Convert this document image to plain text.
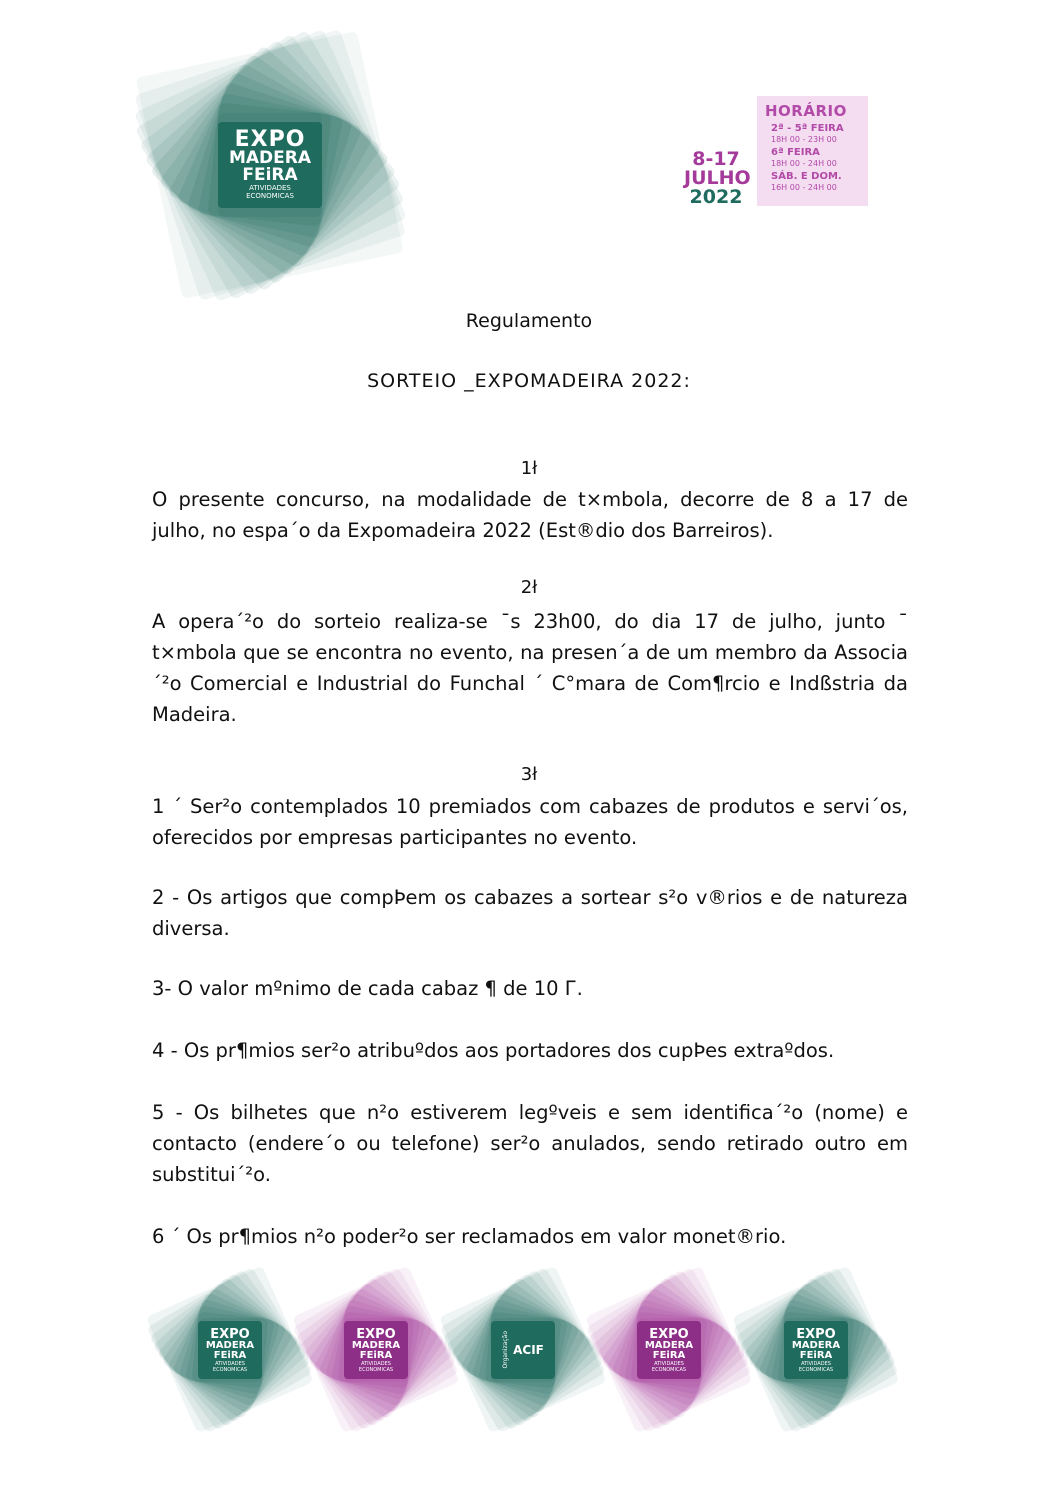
EXPO
MADERA
FEiRA
ATIVIDADES
ECONOMICAS
8-17
JULHO
2022
HORÁRIO
2ª - 5ª FEIRA
18H 00 - 23H 00
6ª FEIRA
18H 00 - 24H 00
SÁB. E DOM.
16H 00 - 24H 00
Regulamento
SORTEIO _EXPOMADEIRA 2022:
1ł

O presente concurso, na modalidade de t×mbola, decorre de 8 a 17 de julho, no espa´o da Expomadeira 2022 (Est®dio dos Barreiros).

2ł

A opera´²o do sorteio realiza-se ¯s 23h00, do dia 17 de julho, junto ¯ t×mbola que se encontra no evento, na presen´a de um membro da Associa´²o Comercial e Industrial do Funchal ´ C°mara de Com¶rcio e Indßstria da Madeira.

3ł

1 ´ Ser²o contemplados 10 premiados com cabazes de produtos e servi´os, oferecidos por empresas participantes no evento.

2 - Os artigos que compÞem os cabazes a sortear s²o v®rios e de natureza diversa.

3- O valor mºnimo de cada cabaz ¶ de 10 Г.

4 - Os pr¶mios ser²o atribuºdos aos portadores dos cupÞes extraºdos.

5 - Os bilhetes que n²o estiverem legºveis e sem identifica´²o (nome) e contacto (endere´o ou telefone) ser²o anulados, sendo retirado outro em substitui´²o.

6 ´ Os pr¶mios n²o poder²o ser reclamados em valor monet®rio.

EXPO
MADERA
FEiRA
ATIVIDADES ECONOMICAS
EXPO
MADERA
FEiRA
ATIVIDADES ECONOMICAS
Organização ACIF
EXPO
MADERA
FEiRA
ATIVIDADES ECONOMICAS
EXPO
MADERA
FEiRA
ATIVIDADES ECONOMICAS
